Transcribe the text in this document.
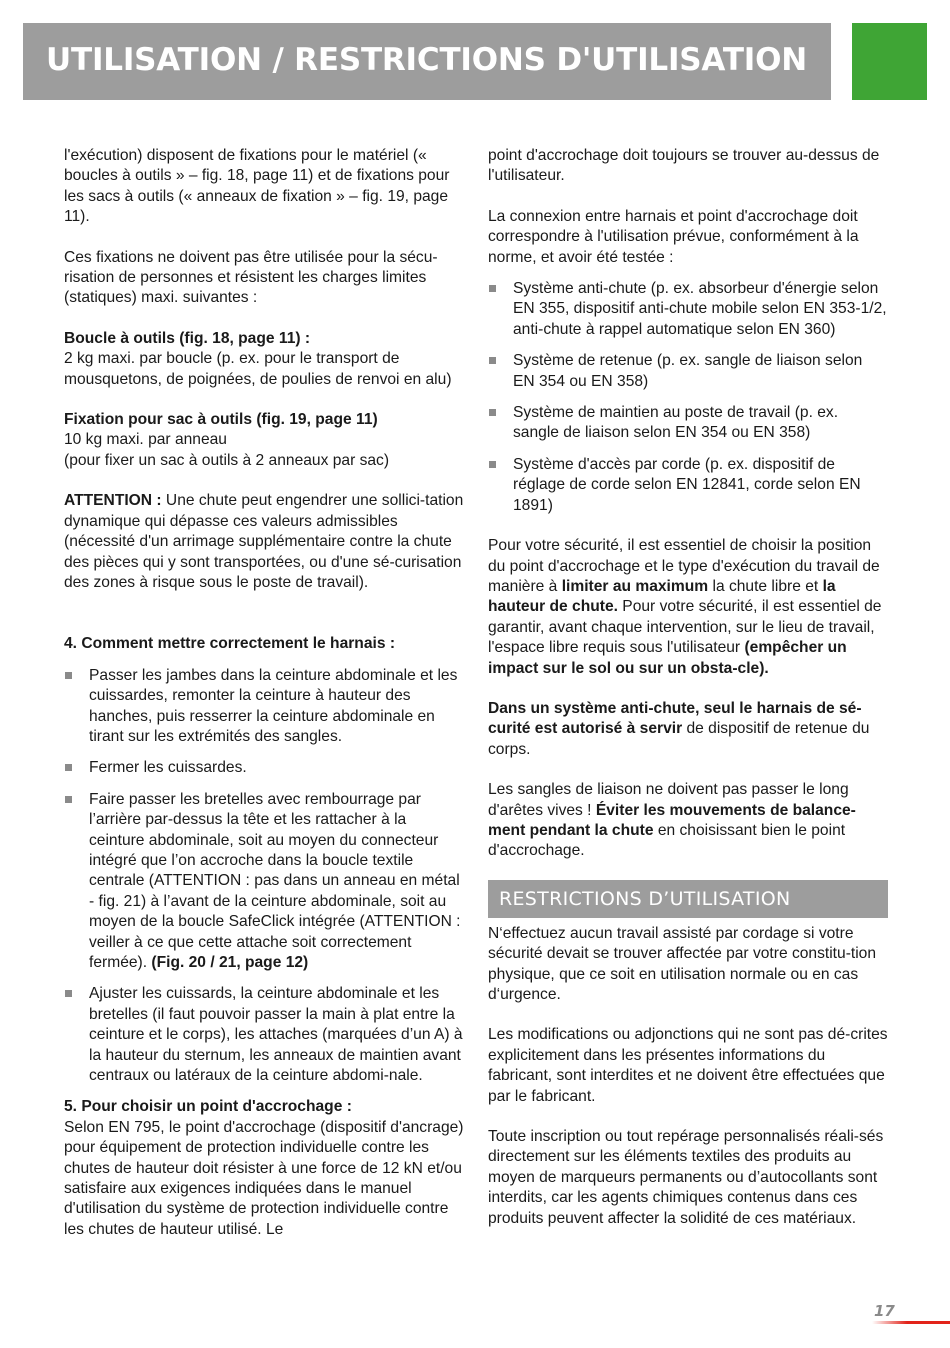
UTILISATION / RESTRICTIONS D'UTILISATION

l'exécution) disposent de fixations pour le matériel (« boucles à outils » – fig. 18, page 11) et de fixations pour les sacs à outils (« anneaux de fixation » – fig. 19, page 11).

Ces fixations ne doivent pas être utilisée pour la sécu-risation de personnes et résistent les charges limites (statiques) maxi. suivantes :

Boucle à outils (fig. 18, page 11) :

2 kg maxi. par boucle (p. ex. pour le transport de mousquetons, de poignées, de poulies de renvoi en alu)

Fixation pour sac à outils (fig. 19, page 11)

10 kg maxi. par anneau

(pour fixer un sac à outils à 2 anneaux par sac)

ATTENTION : Une chute peut engendrer une sollici-tation dynamique qui dépasse ces valeurs admissibles (nécessité d'un arrimage supplémentaire contre la chute des pièces qui y sont transportées, ou d'une sé-curisation des zones à risque sous le poste de travail).

4. Comment mettre correctement le harnais :

Passer les jambes dans la ceinture abdominale et les cuissardes, remonter la ceinture à hauteur des hanches, puis resserrer la ceinture abdominale en tirant sur les extrémités des sangles.
Fermer les cuissardes.
Faire passer les bretelles avec rembourrage par l’arrière par-dessus la tête et les rattacher à la ceinture abdominale, soit au moyen du connecteur intégré que l’on accroche dans la boucle textile centrale (ATTENTION : pas dans un anneau en métal - fig. 21) à l’avant de la ceinture abdominale, soit au moyen de la boucle SafeClick intégrée (ATTENTION : veiller à ce que cette attache soit correctement fermée). (Fig. 20 / 21, page 12)
Ajuster les cuissards, la ceinture abdominale et les bretelles (il faut pouvoir passer la main à plat entre la ceinture et le corps), les attaches (marquées d’un A) à la hauteur du sternum, les anneaux de maintien avant centraux ou latéraux de la ceinture abdomi-nale.

5. Pour choisir un point d'accrochage :

Selon EN 795, le point d'accrochage (dispositif d'ancrage) pour équipement de protection individuelle contre les chutes de hauteur doit résister à une force de 12 kN et/ou satisfaire aux exigences indiquées dans le manuel d'utilisation du système de protection individuelle contre les chutes de hauteur utilisé. Le

point d'accrochage doit toujours se trouver au-dessus de l'utilisateur.

La connexion entre harnais et point d'accrochage doit correspondre à l'utilisation prévue, conformément à la norme, et avoir été testée :

Système anti-chute (p. ex. absorbeur d'énergie selon EN 355, dispositif anti-chute mobile selon EN 353-1/2, anti-chute à rappel automatique selon EN 360)
Système de retenue (p. ex. sangle de liaison selon EN 354 ou EN 358)
Système de maintien au poste de travail (p. ex. sangle de liaison selon EN 354 ou EN 358)
Système d'accès par corde (p. ex. dispositif de réglage de corde selon EN 12841, corde selon EN 1891)

Pour votre sécurité, il est essentiel de choisir la position du point d'accrochage et le type d'exécution du travail de manière à limiter au maximum la chute libre et la hauteur de chute. Pour votre sécurité, il est essentiel de garantir, avant chaque intervention, sur le lieu de travail, l'espace libre requis sous l'utilisateur (empêcher un impact sur le sol ou sur un obsta-cle).

Dans un système anti-chute, seul le harnais de sé-curité est autorisé à servir de dispositif de retenue du corps.

Les sangles de liaison ne doivent pas passer le long d'arêtes vives ! Éviter les mouvements de balance-ment pendant la chute en choisissant bien le point d'accrochage.

RESTRICTIONS D’UTILISATION

N‘effectuez aucun travail assisté par cordage si votre sécurité devait se trouver affectée par votre constitu-tion physique, que ce soit en utilisation normale ou en cas d‘urgence.

Les modifications ou adjonctions qui ne sont pas dé-crites explicitement dans les présentes informations du fabricant, sont interdites et ne doivent être effectuées que par le fabricant.

Toute inscription ou tout repérage personnalisés réali-sés directement sur les éléments textiles des produits au moyen de marqueurs permanents ou d’autocollants sont interdits, car les agents chimiques contenus dans ces produits peuvent affecter la solidité de ces matériaux.

17
